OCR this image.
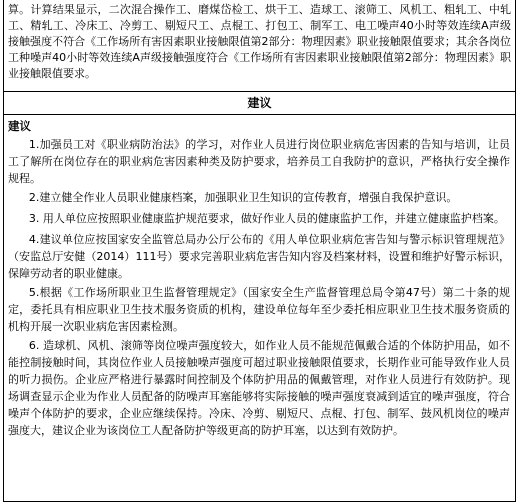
算。计算结果显示，二次混合操作工、磨煤岱检工、烘干工、造球工、滚筛工、风机工、粗轧工、中轧工、精轧工、冷床工、冷剪工、剔短尺工、点棍工、打包工、制军工、电工噪声40小时等效连续A声级接触强度不符合《工作场所有害因素职业接触限值第2部分：物理因素》职业接触限值要求；其余各岗位工种噪声40小时等效连续A声级接触强度符合《工作场所有害因素职业接触限值第2部分：物理因素》职业接触限值要求。
建议
建议
1.加强员工对《职业病防治法》的学习，对作业人员进行岗位职业病危害因素的告知与培训，让员工了解所在岗位存在的职业病危害因素种类及防护要求，培养员工自我防护的意识，严格执行安全操作规程。
2.建立健全作业人员职业健康档案，加强职业卫生知识的宣传教育，增强自我保护意识。
3. 用人单位应按照职业健康监护规范要求，做好作业人员的健康监护工作，并建立健康监护档案。
4.建议单位应按国家安全监管总局办公厅公布的《用人单位职业病危害告知与警示标识管理规范》（安监总厅安健（2014）111号）要求完善职业病危害告知内容及档案材料，设置和维护好警示标识，保障劳动者的职业健康。
5.根据《工作场所职业卫生监督管理规定》（国家安全生产监督管理总局令第47号）第二十条的规定，委托具有相应职业卫生技术服务资质的机构，建设单位每年至少委托相应职业卫生技术服务资质的机构开展一次职业病危害因素检测。
6. 造球机、风机、滚筛等岗位噪声强度较大，如作业人员不能规范佩戴合适的个体防护用品，如不能控制接触时间，其岗位作业人员接触噪声强度可超过职业接触限值要求，长期作业可能导致作业人员的听力损伤。企业应严格进行暴露时间控制及个体防护用品的佩戴管理，对作业人员进行有效防护。现场调查显示企业为作业人员配备的防噪声耳塞能够将实际接触的噪声强度衰减到适宜的噪声强度，符合噪声个体防护的要求，企业应继续保持。冷床、冷剪、剔短尺、点棍、打包、制军、鼓风机岗位的噪声强度大，建议企业为该岗位工人配备防护等级更高的防护耳塞，以达到有效防护。
